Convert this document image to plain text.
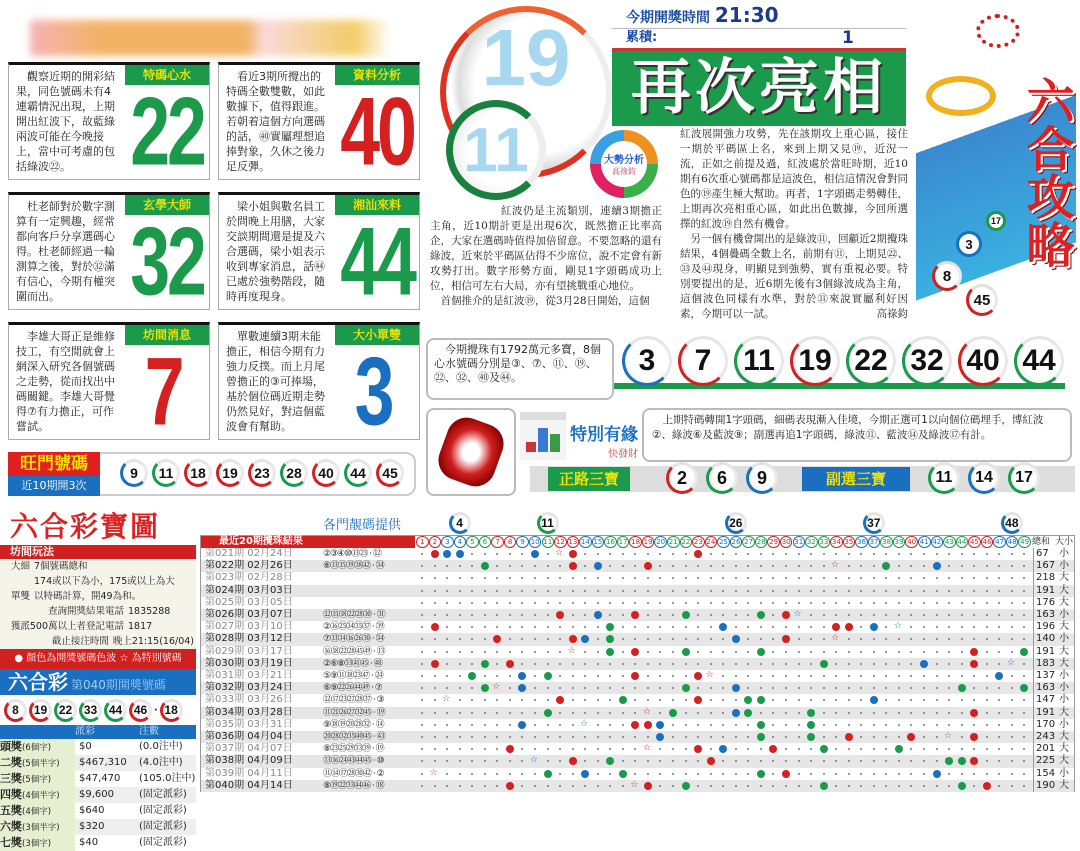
特碼心水
　觀察近期的開彩結果，同色號碼未有4連霸情況出現，上期開出紅波下，故藍綠兩波可能在今晚接上，當中可考慮的包括綠波㉒。 22
資料分析
　看近3期所攪出的特碼全數雙數，如此數據下，值得跟進。若朝着這個方向選碼的話，㊵實屬理想追捧對象，久休之後力足反彈。 40
玄學大師
　杜老師對於數字測算有一定興趣，經常都向客戶分享選碼心得。杜老師經過一輪測算之後，對於㉜滿有信心，今期有權突圍而出。 32
湘汕來料
　梁小姐與數名員工於問晚上用膳，大家交談期間還是提及六合選碼，梁小姐表示收到專家消息，話㊹已處於強勢階段，隨時再度現身。 44
坊間消息
　李雄大哥正是維修技工，有空閒就會上網深入研究各個號碼之走勢，從而找出中碼關鍵。李雄大哥覺得⑦有力擔正，可作嘗試。	7
大小單雙
　單數連續3期未能擔正，相信今期有力強力反撲。而上月尾曾擔正的③可捧場，基於個位碼近期走勢仍然見好，對這個藍波會有幫助。 3
9	11	18	19	23	28	40	44	45
旺門號碼
近10期開3次
19
11
今期開獎時間 21:30
累積:	1
再次亮相
大勢分析
高祿鈞
　紅波仍是主流類別，連續3期擔正主角，近10期計更是出現6次，既然擔正比率高企，大家在選碼時值得加倍留意。不要忽略的還有綠波，近來於平碼區佔得不少席位，說不定會有新攻勢打出。數字形勢方面，剛見1字頭碼成功上位，相信可左右大局，亦有望挑戰重心地位。
　首個推介的是紅波⑲，從3月28日開始，這個
紅波展開強力攻勢，先在該期攻上重心區，接住一期於平碼區上名，來到上期又見⑲，近況一流，正如之前提及過，紅波處於當旺時期，近10期有6次重心號碼都是這波色，相信這情況會對同色的⑲產生極大幫助。再者，1字頭碼走勢轉佳，上期再次亮相重心區，如此出色數據，今回所選擇的紅波⑲自然有機會。
　另一個有機會開出的是綠波⑪，回顧近2期攪珠結果，4個疊碼全數上名，前期有⑪，上期見㉒、㉝及㊹現身，明顯見到強勢，實有重視必要。特別要提出的是，近6期先後有3個綠波成為主角，這個波色同樣有水準，對於⑪來說實屬利好因素，今期可以一試。	高祿鈞
六合攻略
3
8
45
17
　今期攪珠有1792萬元多寶，8個心水號碼分別是③、⑦、⑪、⑲、㉒、㉜、㊵及㊹。
3	7	11 19 22 32 40 44
特別有緣
快發財
　上期特碼轉開1字頭碼，細碼表現漸入佳境，今期正選可1以向個位碼埋手，博紅波②、綠波⑥及藍波⑨；副選再追1字頭碼，綠波⑪、藍波⑭及綠波⑰有計。
正路三寶	2	6	9	副選三寶	11	14	17
六合彩寶圖
坊間玩法
大細 7個號碼總和
174或以下為小，175或以上為大
單雙 以特碼計算，開49為和。
查詢開獎結果電話 1835288
獲派500萬以上者登記電話 1817
截止接注時間 晚上21:15(16/04)
● 顏色為開獎號碼色波 ☆ 為特別號碼
六合彩 第040期開獎號碼
8	19 22 33 44 46 · 18
派彩	注數
頭獎(6個字)	$0	(0.0注中)
二獎(5個半字)	$467,310	(4.0注中)
三獎(5個字)	$47,470	(105.0注中)
四獎(4個半字)	$9,600	(固定派彩)
五獎(4個字)	$640	(固定派彩)
六獎(3個半字)	$320	(固定派彩)
七獎(3個字)	$40	(固定派彩)
各門靚碼提供
最近20期攪珠結果	1	2	3	4	5	6	7	8	9 10 11 12 13 14 15 16 17 18 19 20 21 22 23 24 25 26 27 28 29 30 31 32 33 34 35 36 37 38 39 40 41 42 43 44 45 46 47 48 49 總和 大小
第021期 02月24日	②③④⑩⑬㉓ · ⑫	☆	67 小
第022期 02月26日	⑥⑬⑮⑲㊳㊷ · ㉞	☆	167 小
第023期 02月28日	218 大
第024期 03月03日	191 大
第025期 03月05日	176 大
第026期 03月07日	⑫⑮⑱㉒㉘㉚ · ㉛	☆	163 小
第027期 03月10日	②⑯㉕㉞㉟㊲ · ㊴	☆	196 大
第028期 03月12日	⑦⑬⑭⑯㉖㉚ · ㉞	☆	140 小
第029期 03月17日	⑯⑱㉒㉘㊺㊾ · ⑬	☆	191 大
第030期 03月19日	②⑥⑧㉝㊶㊺ · ㊽	☆	183 大
第031期 03月21日	⑤⑨⑪⑱㉓㊼ · ㉔	☆	137 小
第032期 03月24日	⑥⑨㉒㉖㊹㊾ · ⑦	☆	163 小
第033期 03月26日	⑫⑰㉓㉗㉘㊲ · ③	☆	147 小
第034期 03月28日	⑪㉑㉖㉗㉜㊺ · ⑲	☆	191 大
第035期 03月31日	⑨⑱⑲⑳㉘㉜ · ⑭	☆	170 小
第036期 04月04日	⑳㉘㉜㉟㊵㊺ · ㊸	☆	243 大
第037期 04月07日	⑧㉓㉕㉙㉝㊴ · ⑲	☆	201 大
第038期 04月09日	⑬⑯㉔㊸㊹㊺ · ⑩	☆	225 大
第039期 04月11日	⑪⑭⑰㉘㉚㊷ · ②	☆	154 小
第040期 04月14日	⑧⑲㉒㉝㊹㊻ · ⑱	☆	190 大
4	11	26	37	48
